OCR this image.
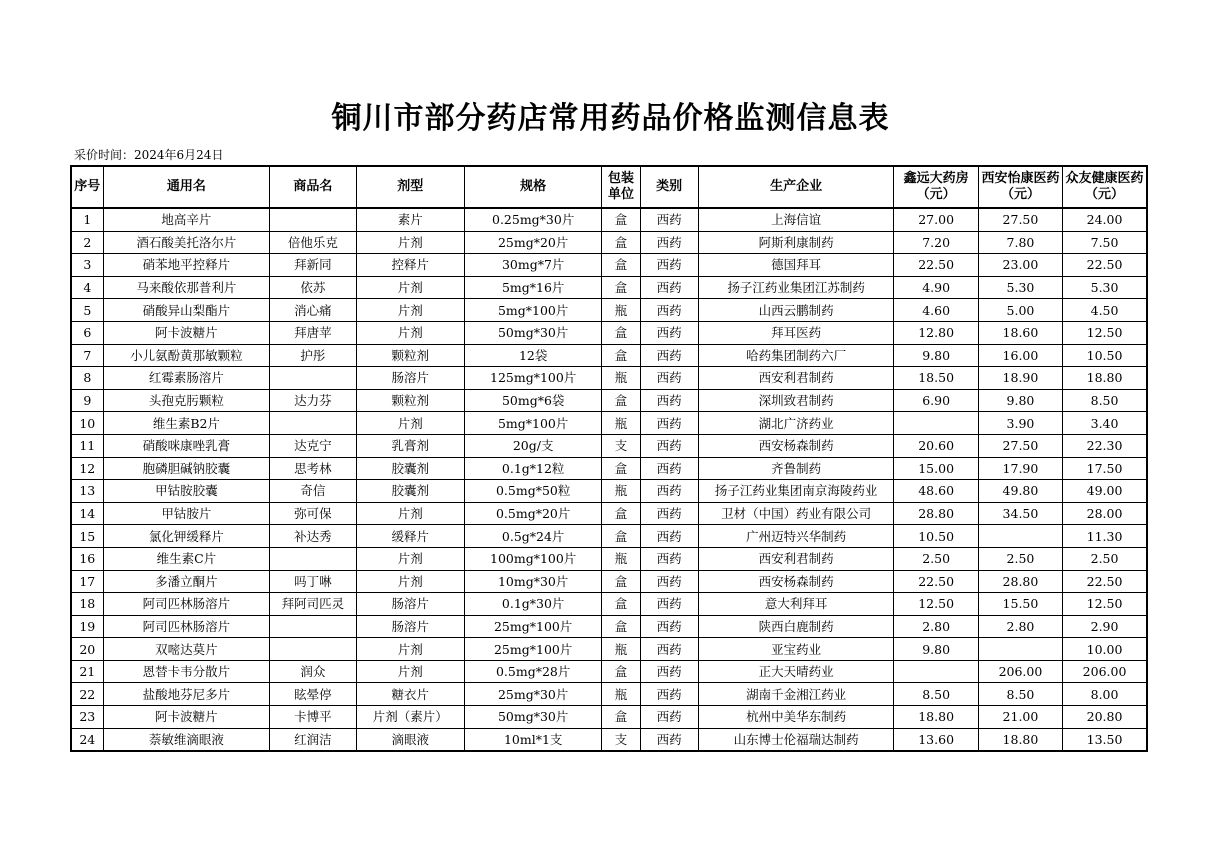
铜川市部分药店常用药品价格监测信息表
采价时间：2024年6月24日
序号	通用名	商品名	剂型	规格	包装单位	类别	生产企业	鑫远大药房（元）	西安怡康医药（元）	众友健康医药（元）
1	地高辛片		素片	0.25mg*30片	盒	西药	上海信谊	27.00	27.50	24.00
2	酒石酸美托洛尔片	倍他乐克	片剂	25mg*20片	盒	西药	阿斯利康制药	7.20	7.80	7.50
3	硝苯地平控释片	拜新同	控释片	30mg*7片	盒	西药	德国拜耳	22.50	23.00	22.50
4	马来酸依那普利片	依苏	片剂	5mg*16片	盒	西药	扬子江药业集团江苏制药	4.90	5.30	5.30
5	硝酸异山梨酯片	消心痛	片剂	5mg*100片	瓶	西药	山西云鹏制药	4.60	5.00	4.50
6	阿卡波糖片	拜唐苹	片剂	50mg*30片	盒	西药	拜耳医药	12.80	18.60	12.50
7	小儿氨酚黄那敏颗粒	护彤	颗粒剂	12袋	盒	西药	哈药集团制药六厂	9.80	16.00	10.50
8	红霉素肠溶片		肠溶片	125mg*100片	瓶	西药	西安利君制药	18.50	18.90	18.80
9	头孢克肟颗粒	达力芬	颗粒剂	50mg*6袋	盒	西药	深圳致君制药	6.90	9.80	8.50
10	维生素B2片		片剂	5mg*100片	瓶	西药	湖北广济药业		3.90	3.40
11	硝酸咪康唑乳膏	达克宁	乳膏剂	20g/支	支	西药	西安杨森制药	20.60	27.50	22.30
12	胞磷胆碱钠胶囊	思考林	胶囊剂	0.1g*12粒	盒	西药	齐鲁制药	15.00	17.90	17.50
13	甲钴胺胶囊	奇信	胶囊剂	0.5mg*50粒	瓶	西药	扬子江药业集团南京海陵药业	48.60	49.80	49.00
14	甲钴胺片	弥可保	片剂	0.5mg*20片	盒	西药	卫材（中国）药业有限公司	28.80	34.50	28.00
15	氯化钾缓释片	补达秀	缓释片	0.5g*24片	盒	西药	广州迈特兴华制药	10.50		11.30
16	维生素C片		片剂	100mg*100片	瓶	西药	西安利君制药	2.50	2.50	2.50
17	多潘立酮片	吗丁啉	片剂	10mg*30片	盒	西药	西安杨森制药	22.50	28.80	22.50
18	阿司匹林肠溶片	拜阿司匹灵	肠溶片	0.1g*30片	盒	西药	意大利拜耳	12.50	15.50	12.50
19	阿司匹林肠溶片		肠溶片	25mg*100片	盒	西药	陕西白鹿制药	2.80	2.80	2.90
20	双嘧达莫片		片剂	25mg*100片	瓶	西药	亚宝药业	9.80		10.00
21	恩替卡韦分散片	润众	片剂	0.5mg*28片	盒	西药	正大天晴药业		206.00	206.00
22	盐酸地芬尼多片	眩晕停	糖衣片	25mg*30片	瓶	西药	湖南千金湘江药业	8.50	8.50	8.00
23	阿卡波糖片	卡博平	片剂（素片）	50mg*30片	盒	西药	杭州中美华东制药	18.80	21.00	20.80
24	萘敏维滴眼液	红润洁	滴眼液	10ml*1支	支	西药	山东博士伦福瑞达制药	13.60	18.80	13.50
